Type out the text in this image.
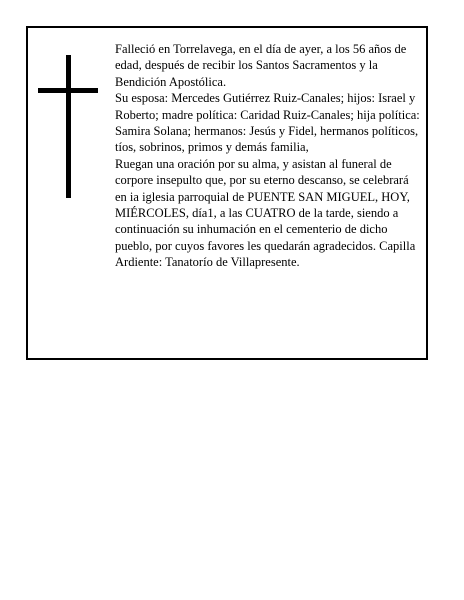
Falleció en Torrelavega, en el día de ayer, a los 56 años de edad, después de recibir los Santos Sacramentos y la Bendición Apostólica.

Su esposa: Mercedes Gutiérrez Ruiz-Canales; hijos: Israel y Roberto; madre política: Caridad Ruiz-Canales; hija política: Samira Solana; hermanos: Jesús y Fidel, hermanos políticos, tíos, sobrinos, primos y demás familia,

Ruegan una oración por su alma, y asistan al funeral de corpore insepulto que, por su eterno descanso, se celebrará en ia iglesia parroquial de PUENTE SAN MIGUEL, HOY, MIÉRCOLES, día1, a las CUATRO de la tarde, siendo a continuación su inhumación en el cementerio de dicho pueblo, por cuyos favores les quedarán agradecidos. Capilla Ardiente: Tanatorío de Villapresente.
